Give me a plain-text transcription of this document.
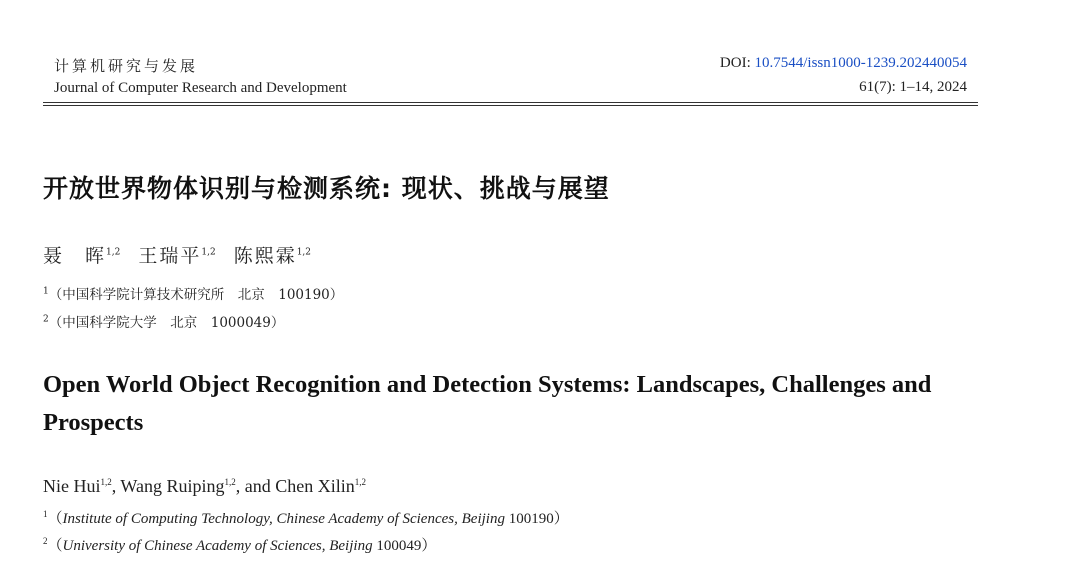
计算机研究与发展
Journal of Computer Research and Development
DOI: 10.7544/issn1000-1239.202440054
61(7): 1–14, 2024
开放世界物体识别与检测系统: 现状、挑战与展望
聂　晖$^{1,2}$ 王瑞平$^{1,2}$ 陈熙霖$^{1,2}$
$^1$（中国科学院计算技术研究所　北京　100190）
$^2$（中国科学院大学　北京　1000049）
Open World Object Recognition and Detection Systems: Landscapes, Challenges and Prospects
Nie Hui$^{1,2}$, Wang Ruiping$^{1,2}$, and Chen Xilin$^{1,2}$
$^1$（Institute of Computing Technology, Chinese Academy of Sciences, Beijing 100190）
$^2$（University of Chinese Academy of Sciences, Beijing 100049）
